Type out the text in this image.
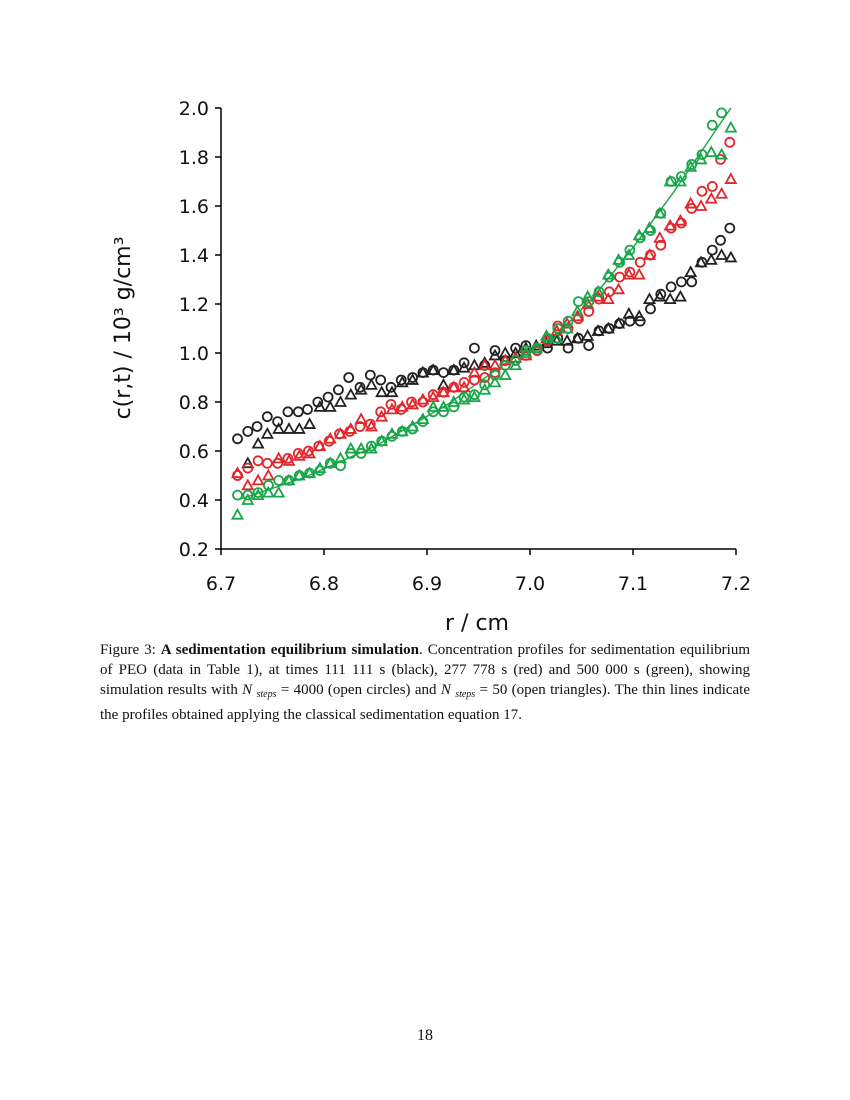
0.2
0.4
0.6
0.8
1.0
1.2
1.4
1.6
1.8
2.0
6.7	6.8	6.9	7.0	7.1	7.2
c(r,t) / 10³ g/cm³
r / cm
Figure 3: A sedimentation equilibrium simulation. Concentration profiles for sedimentation equilibrium of PEO (data in Table 1), at times 111 111 s (black), 277 778 s (red) and 500 000 s (green), showing simulation results with N $_{steps}$ = 4000 (open circles) and N $_{steps}$ = 50 (open triangles). The thin lines indicate the profiles obtained applying the classical sedimentation equation 17.
18
